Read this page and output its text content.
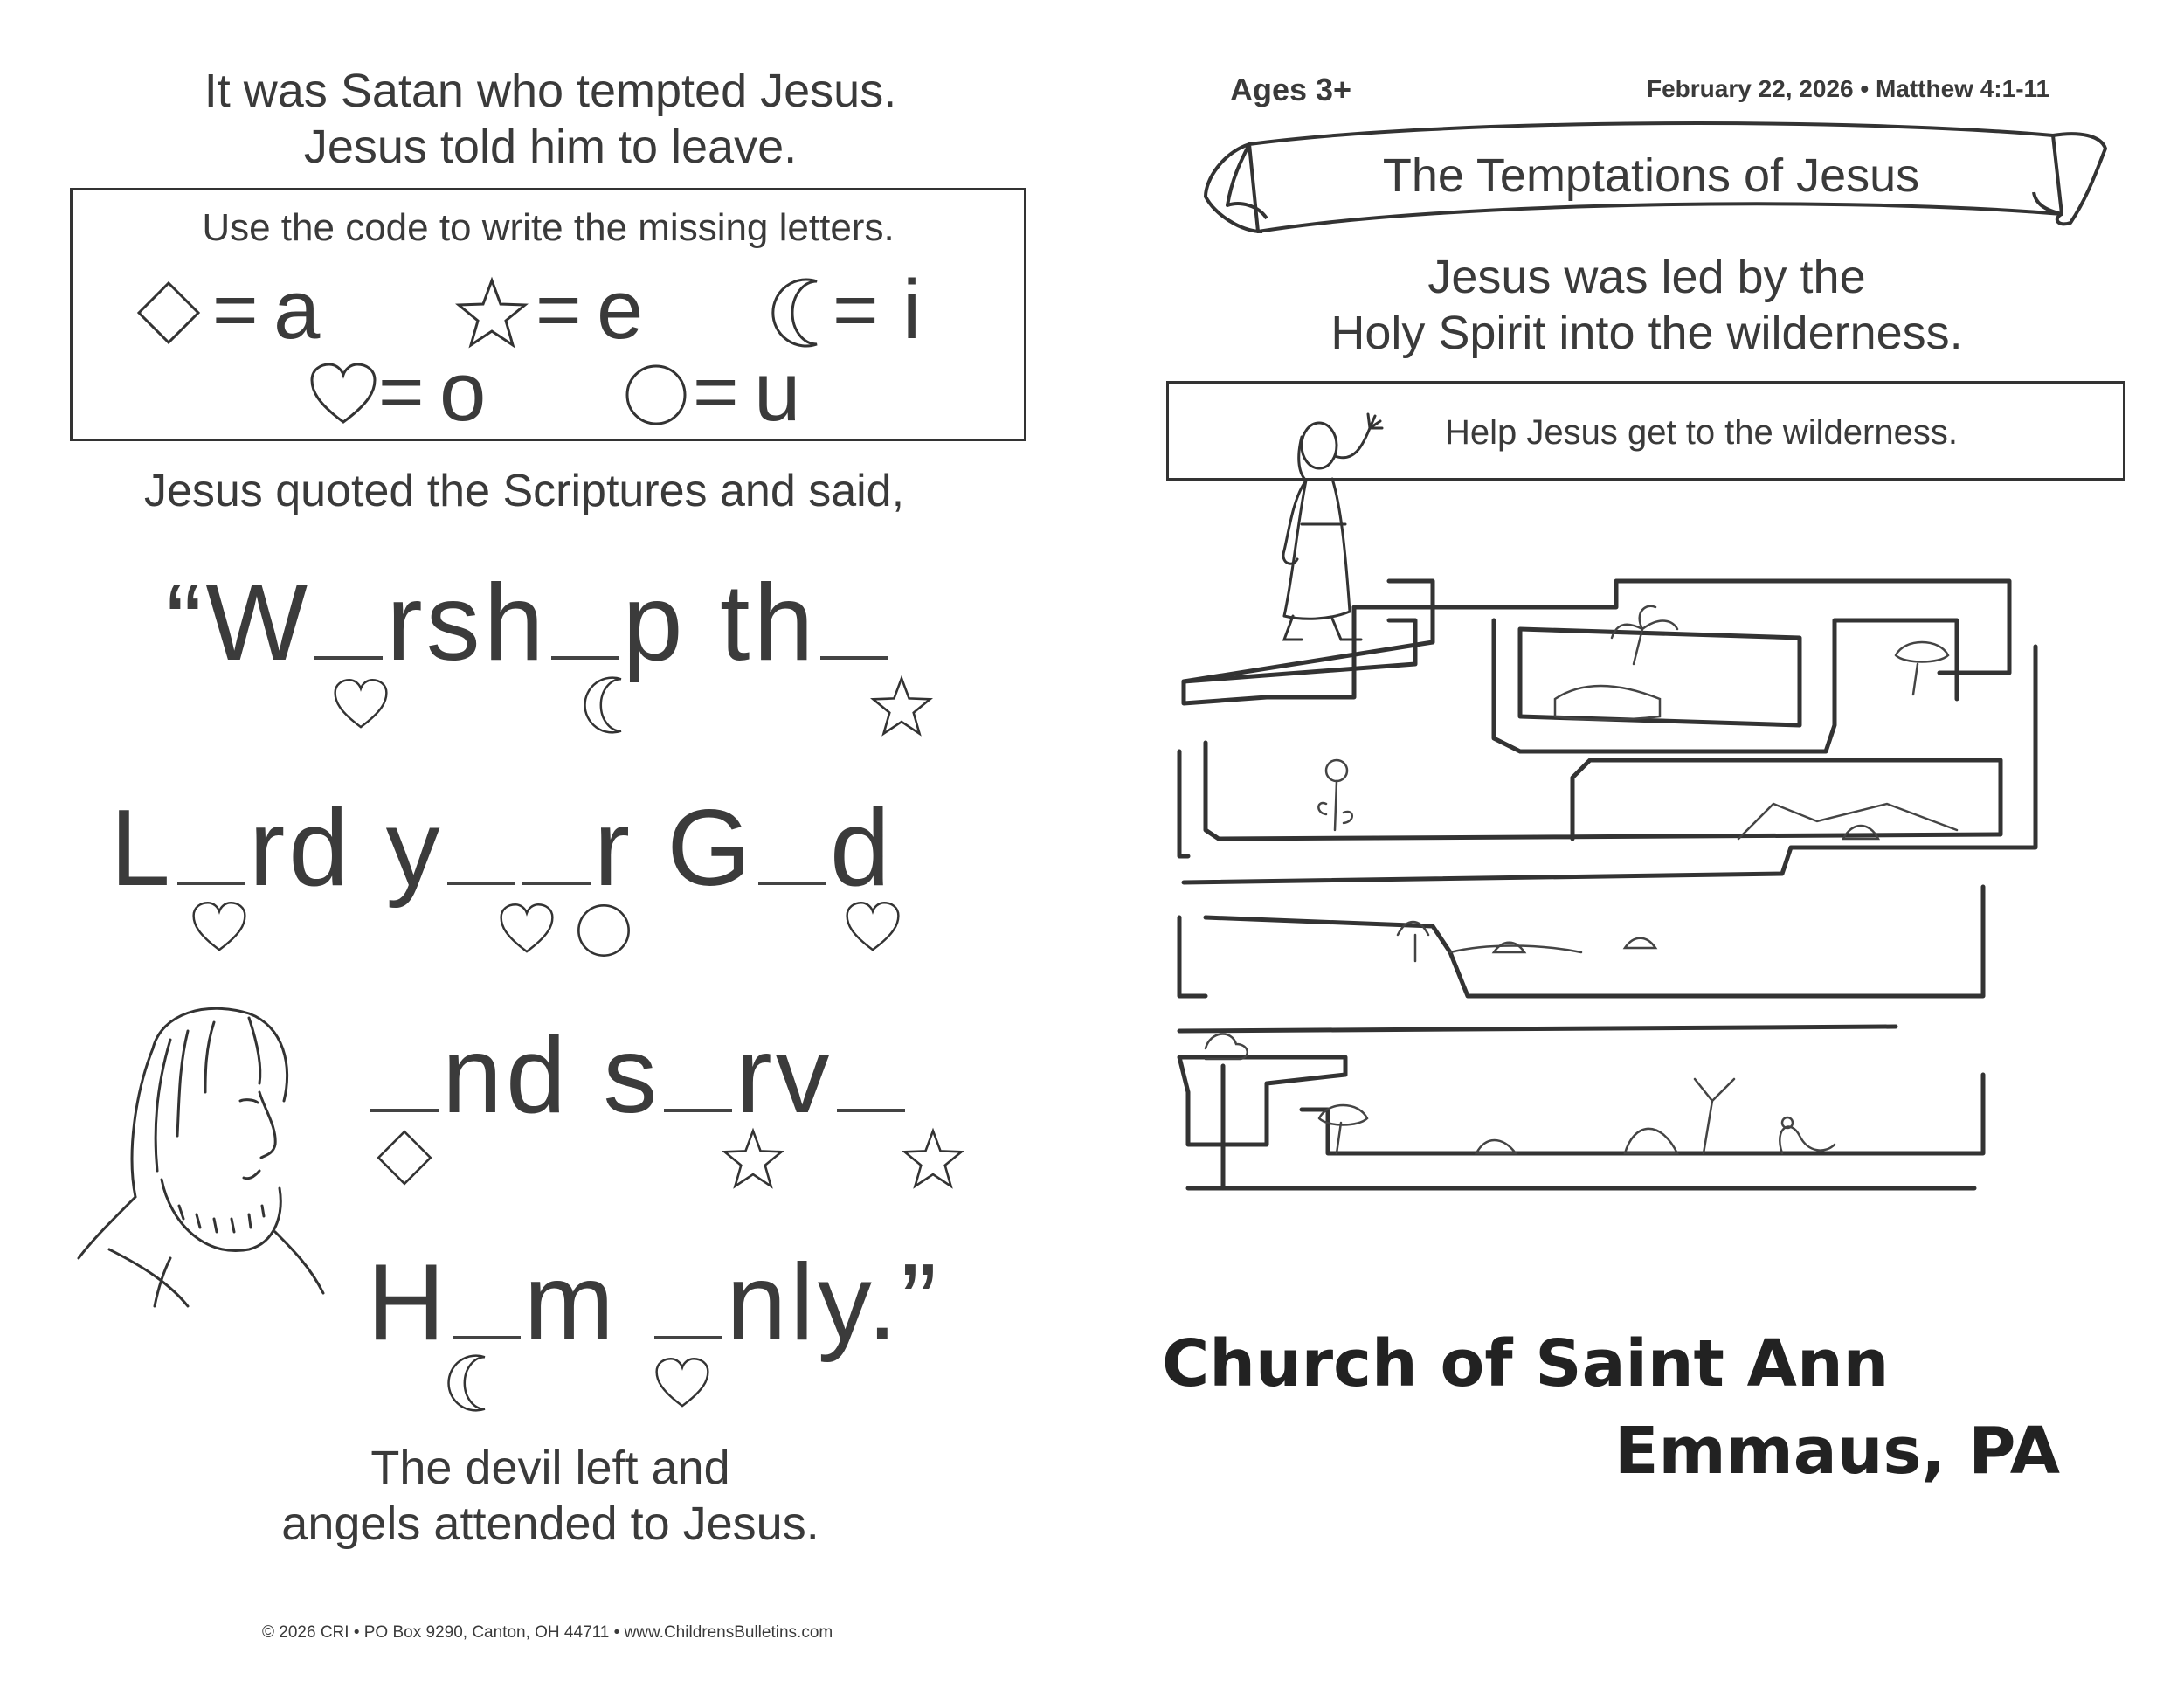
It was Satan who tempted Jesus.
Jesus told him to leave.
Use the code to write the missing letters.
= a	= e = i
= o	= u
Jesus quoted the Scriptures and said,
“W rsh p th
L rd y r G d
nd s rv
H m nly.”
The devil left and
angels attended to Jesus.
© 2026 CRI • PO Box 9290, Canton, OH 44711 • www.ChildrensBulletins.com
Ages 3+	February 22, 2026 • Matthew 4:1-11
The Temptations of Jesus
Jesus was led by the
Holy Spirit into the wilderness.
Help Jesus get to the wilderness.
Church of Saint Ann
Emmaus, PA
